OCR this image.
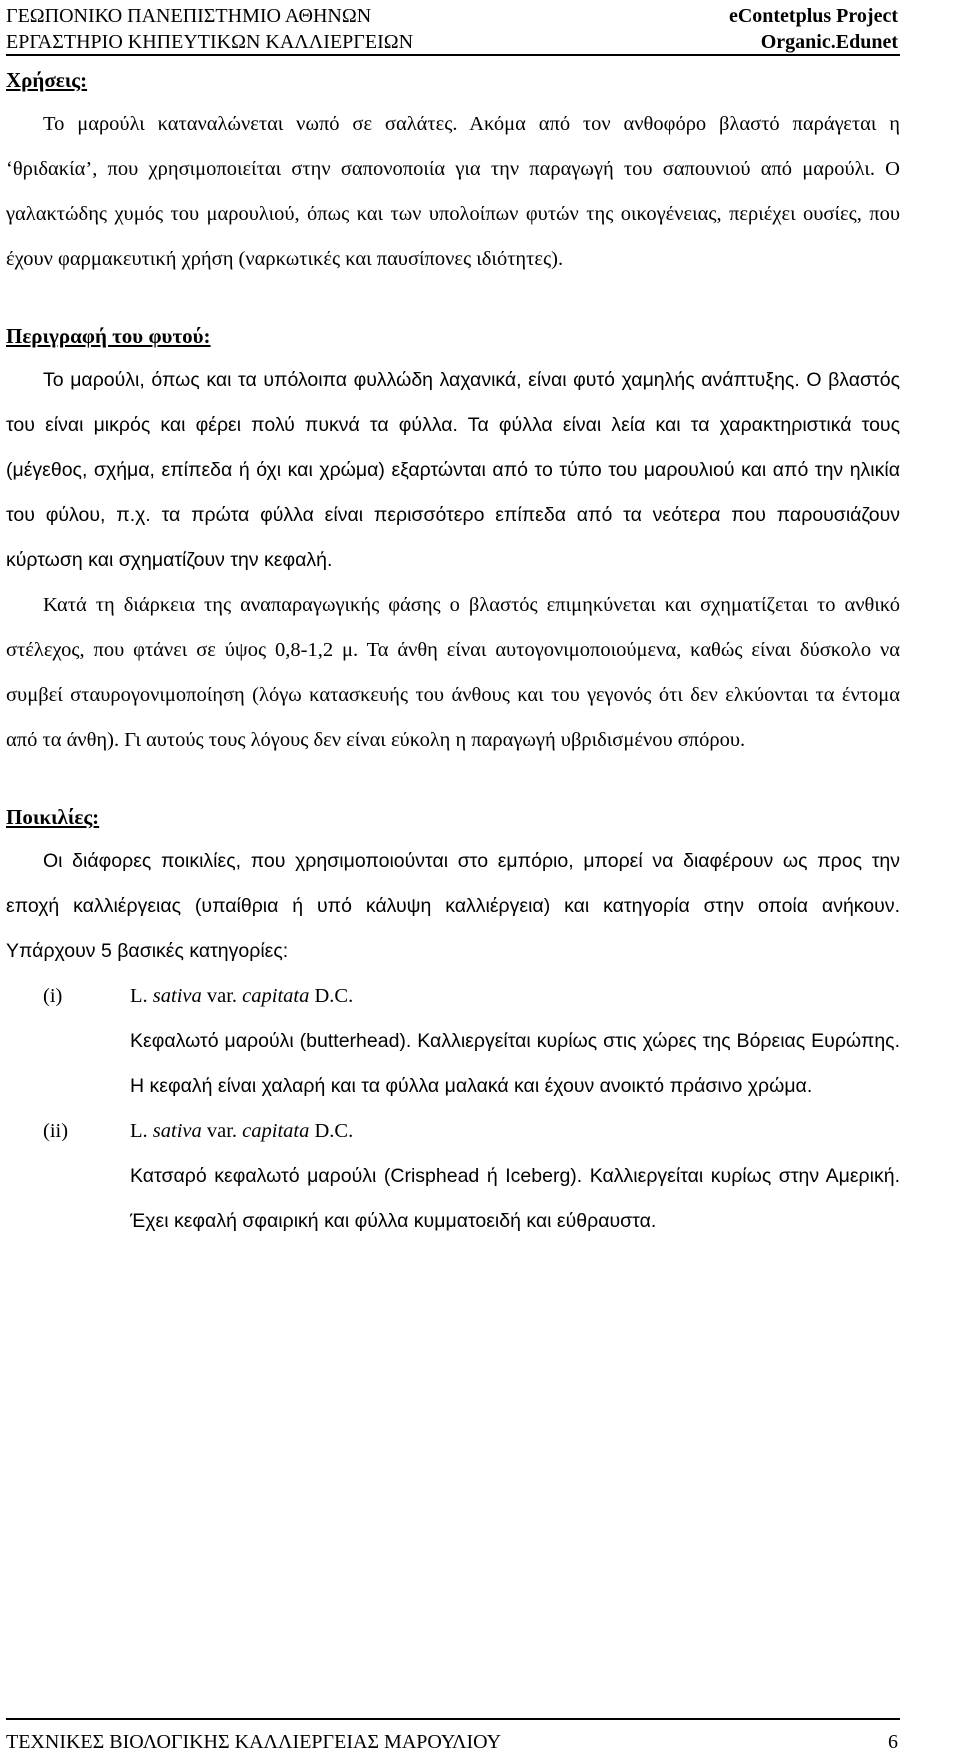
ΓΕΩΠΟΝΙΚΟ ΠΑΝΕΠΙΣΤΗΜΙΟ ΑΘΗΝΩΝ
ΕΡΓΑΣΤΗΡΙΟ ΚΗΠΕΥΤΙΚΩΝ ΚΑΛΛΙΕΡΓΕΙΩΝ
eContetplus Project
Organic.Edunet
Χρήσεις:

Το μαρούλι καταναλώνεται νωπό σε σαλάτες. Ακόμα από τον ανθοφόρο βλαστό παράγεται η ‘θριδακία’, που χρησιμοποιείται στην σαπονοποιία για την παραγωγή του σαπουνιού από μαρούλι. Ο γαλακτώδης χυμός του μαρουλιού, όπως και των υπολοίπων φυτών της οικογένειας, περιέχει ουσίες, που έχουν φαρμακευτική χρήση (ναρκωτικές και παυσίπονες ιδιότητες).

Περιγραφή του φυτού:

Το μαρούλι, όπως και τα υπόλοιπα φυλλώδη λαχανικά, είναι φυτό χαμηλής ανάπτυξης. Ο βλαστός του είναι μικρός και φέρει πολύ πυκνά τα φύλλα. Τα φύλλα είναι λεία και τα χαρακτηριστικά τους (μέγεθος, σχήμα, επίπεδα ή όχι και χρώμα) εξαρτώνται από το τύπο του μαρουλιού και από την ηλικία του φύλου, π.χ. τα πρώτα φύλλα είναι περισσότερο επίπεδα από τα νεότερα που παρουσιάζουν κύρτωση και σχηματίζουν την κεφαλή.

Κατά τη διάρκεια της αναπαραγωγικής φάσης ο βλαστός επιμηκύνεται και σχηματίζεται το ανθικό στέλεχος, που φτάνει σε ύψος 0,8-1,2 μ. Τα άνθη είναι αυτογονιμοποιούμενα, καθώς είναι δύσκολο να συμβεί σταυρογονιμοποίηση (λόγω κατασκευής του άνθους και του γεγονός ότι δεν ελκύονται τα έντομα από τα άνθη). Γι αυτούς τους λόγους δεν είναι εύκολη η παραγωγή υβριδισμένου σπόρου.

Ποικιλίες:

Οι διάφορες ποικιλίες, που χρησιμοποιούνται στο εμπόριο, μπορεί να διαφέρουν ως προς την εποχή καλλιέργειας (υπαίθρια ή υπό κάλυψη καλλιέργεια) και κατηγορία στην οποία ανήκουν. Υπάρχουν 5 βασικές κατηγορίες:

(i)	L. sativa var. capitata D.C.

Κεφαλωτό μαρούλι (butterhead). Καλλιεργείται κυρίως στις χώρες της Βόρειας Ευρώπης. Η κεφαλή είναι χαλαρή και τα φύλλα μαλακά και έχουν ανοικτό πράσινο χρώμα.

(ii)	L. sativa var. capitata D.C.

Κατσαρό κεφαλωτό μαρούλι (Crisphead ή Iceberg). Καλλιεργείται κυρίως στην Αμερική. Έχει κεφαλή σφαιρική και φύλλα κυμματοειδή και εύθραυστα.

ΤΕΧΝΙΚΕΣ ΒΙΟΛΟΓΙΚΗΣ ΚΑΛΛΙΕΡΓΕΙΑΣ ΜΑΡΟΥΛΙΟΥ	6
